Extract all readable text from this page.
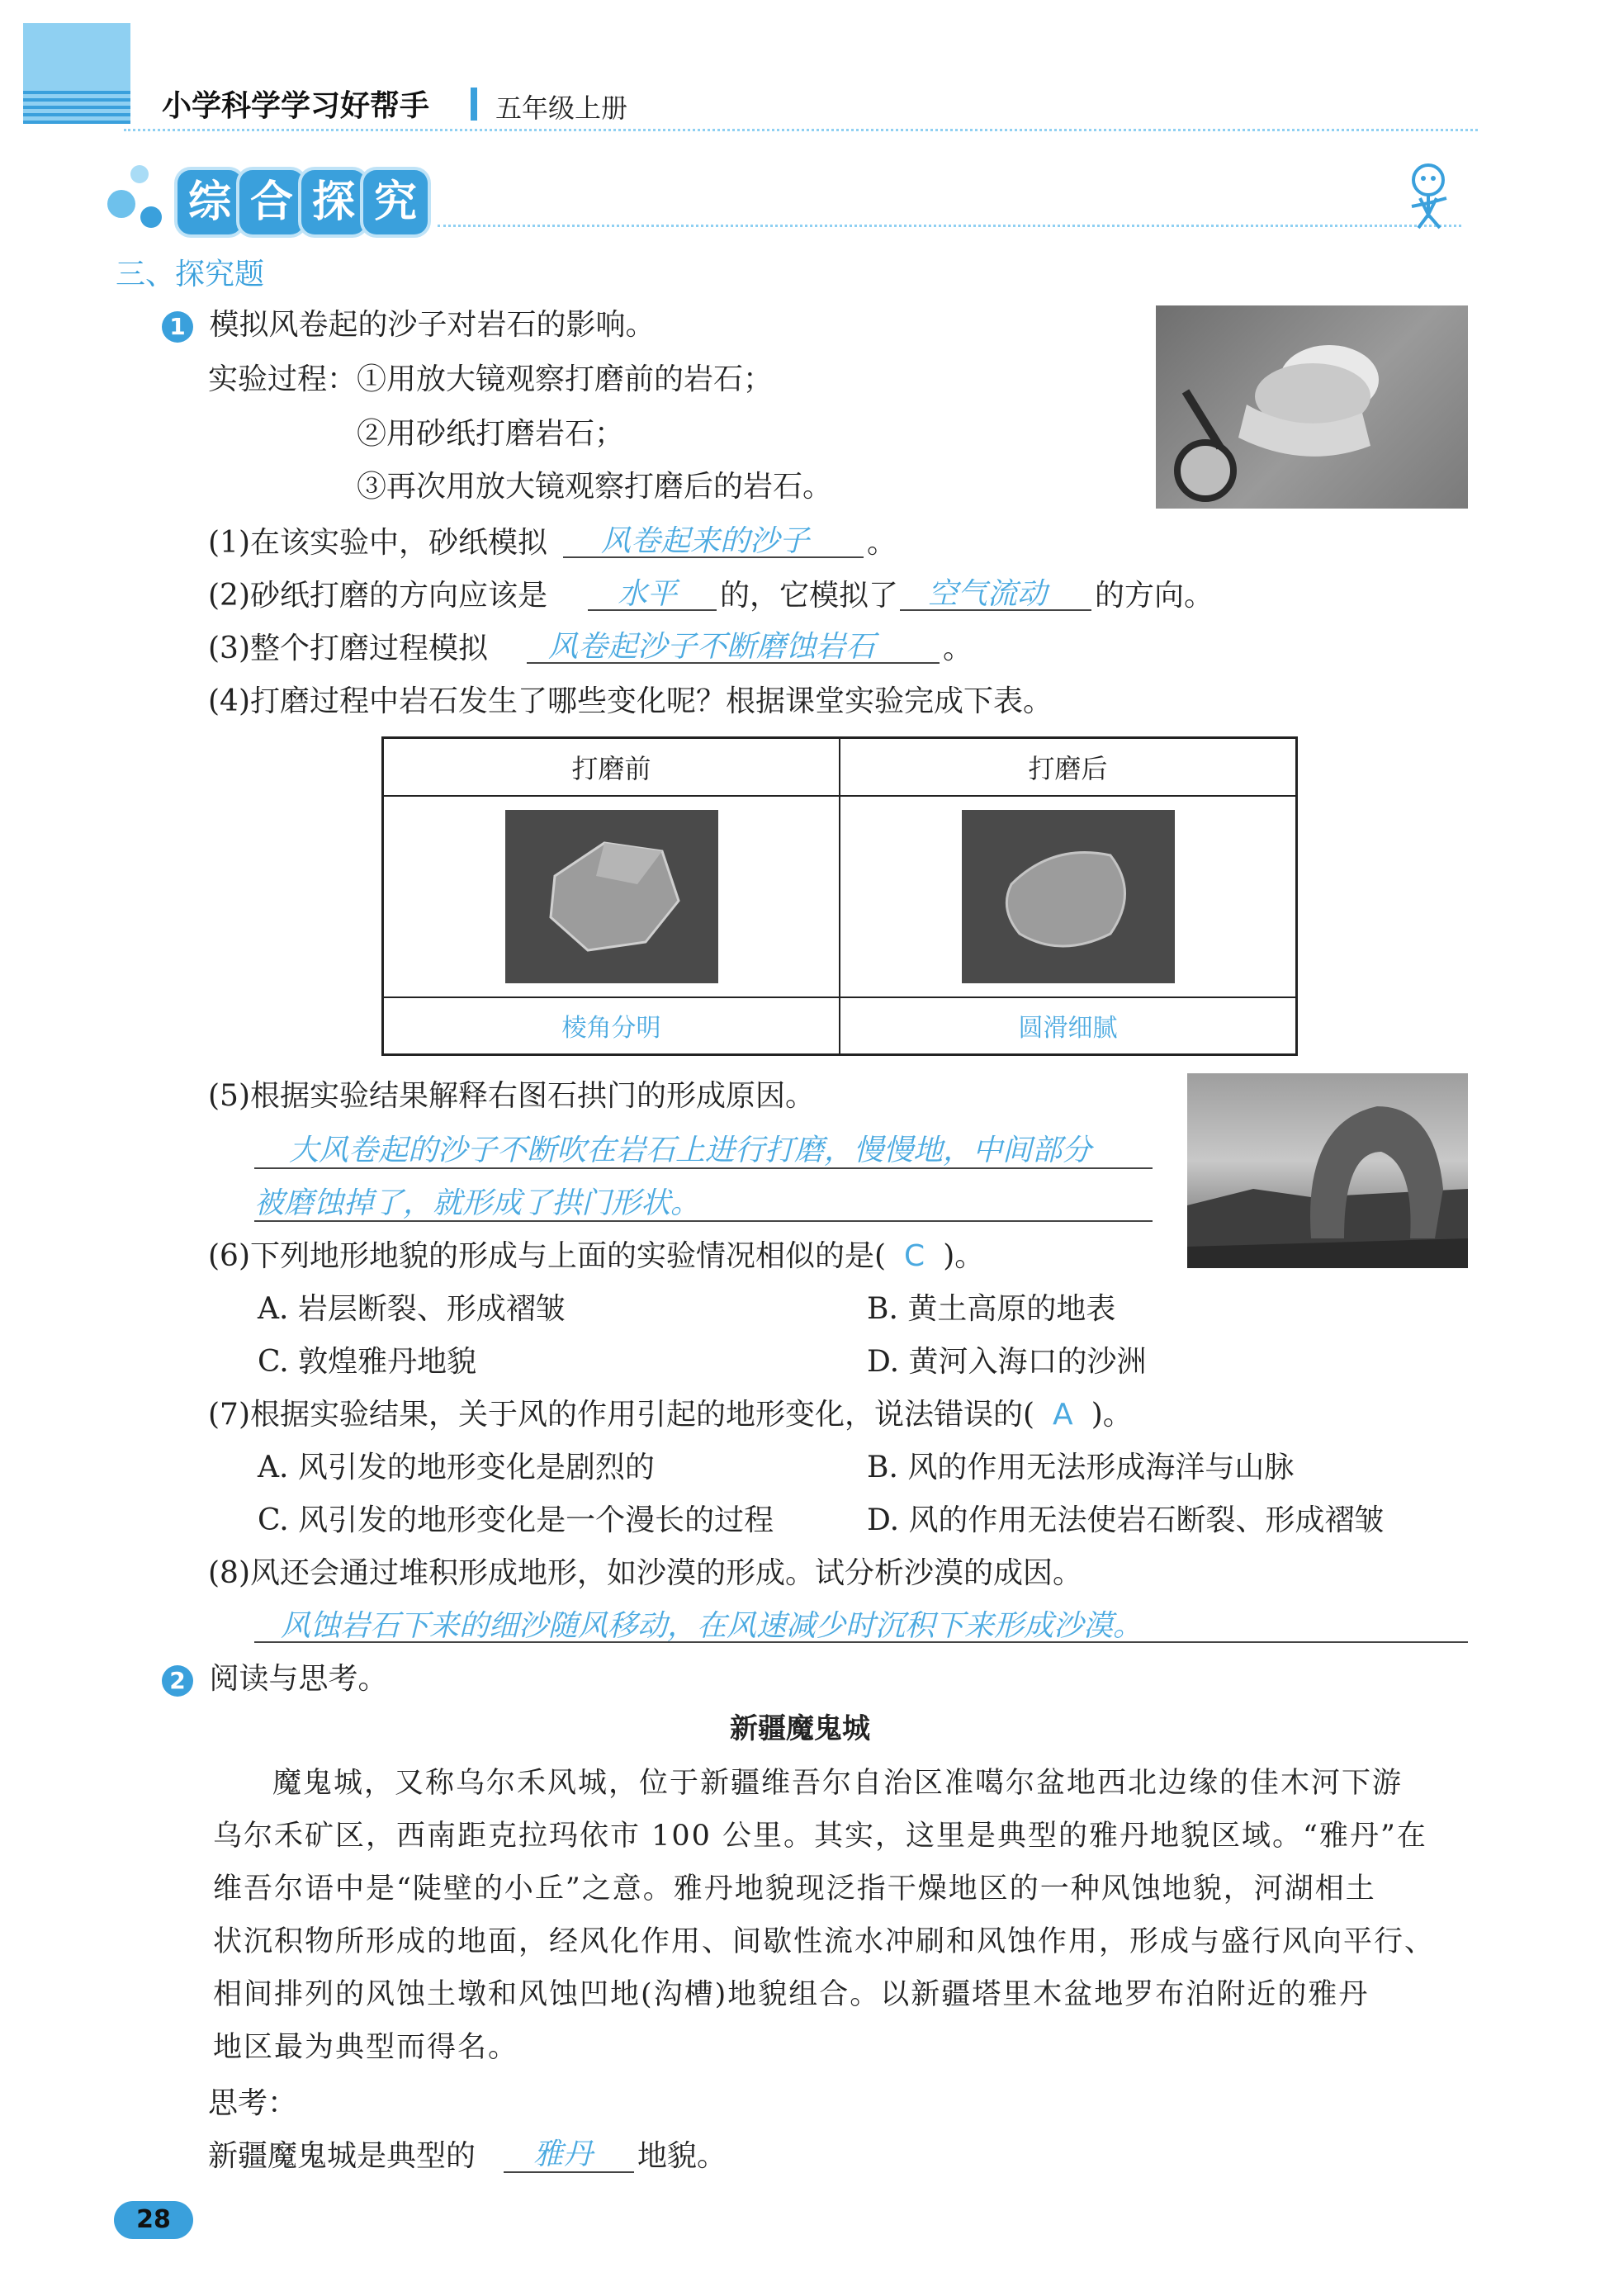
小学科学学习好帮手 五年级上册
综 合 探 究
三、探究题
1 模拟风卷起的沙子对岩石的影响。
实验过程：①用放大镜观察打磨前的岩石；
②用砂纸打磨岩石；
③再次用放大镜观察打磨后的岩石。
(1)在该实验中，砂纸模拟 风卷起来的沙子 。
(2)砂纸打磨的方向应该是 水平 的，它模拟了 空气流动 的方向。
(3)整个打磨过程模拟 风卷起沙子不断磨蚀岩石 。
(4)打磨过程中岩石发生了哪些变化呢？根据课堂实验完成下表。
打磨前	打磨后

棱角分明	圆滑细腻
(5)根据实验结果解释右图石拱门的形成原因。
大风卷起的沙子不断吹在岩石上进行打磨，慢慢地，中间部分
被磨蚀掉了，就形成了拱门形状。
(6)下列地形地貌的形成与上面的实验情况相似的是( C )。
A. 岩层断裂、形成褶皱	B. 黄土高原的地表
C. 敦煌雅丹地貌	D. 黄河入海口的沙洲
(7)根据实验结果，关于风的作用引起的地形变化，说法错误的( A )。
A. 风引发的地形变化是剧烈的	B. 风的作用无法形成海洋与山脉
C. 风引发的地形变化是一个漫长的过程	D. 风的作用无法使岩石断裂、形成褶皱
(8)风还会通过堆积形成地形，如沙漠的形成。试分析沙漠的成因。
风蚀岩石下来的细沙随风移动，在风速减少时沉积下来形成沙漠。
2 阅读与思考。
新疆魔鬼城
魔鬼城，又称乌尔禾风城，位于新疆维吾尔自治区准噶尔盆地西北边缘的佳木河下游
乌尔禾矿区，西南距克拉玛依市 100 公里。其实，这里是典型的雅丹地貌区域。“雅丹”在
维吾尔语中是“陡壁的小丘”之意。雅丹地貌现泛指干燥地区的一种风蚀地貌，河湖相土
状沉积物所形成的地面，经风化作用、间歇性流水冲刷和风蚀作用，形成与盛行风向平行、
相间排列的风蚀土墩和风蚀凹地(沟槽)地貌组合。以新疆塔里木盆地罗布泊附近的雅丹
地区最为典型而得名。
思考：
新疆魔鬼城是典型的 雅丹 地貌。
28
